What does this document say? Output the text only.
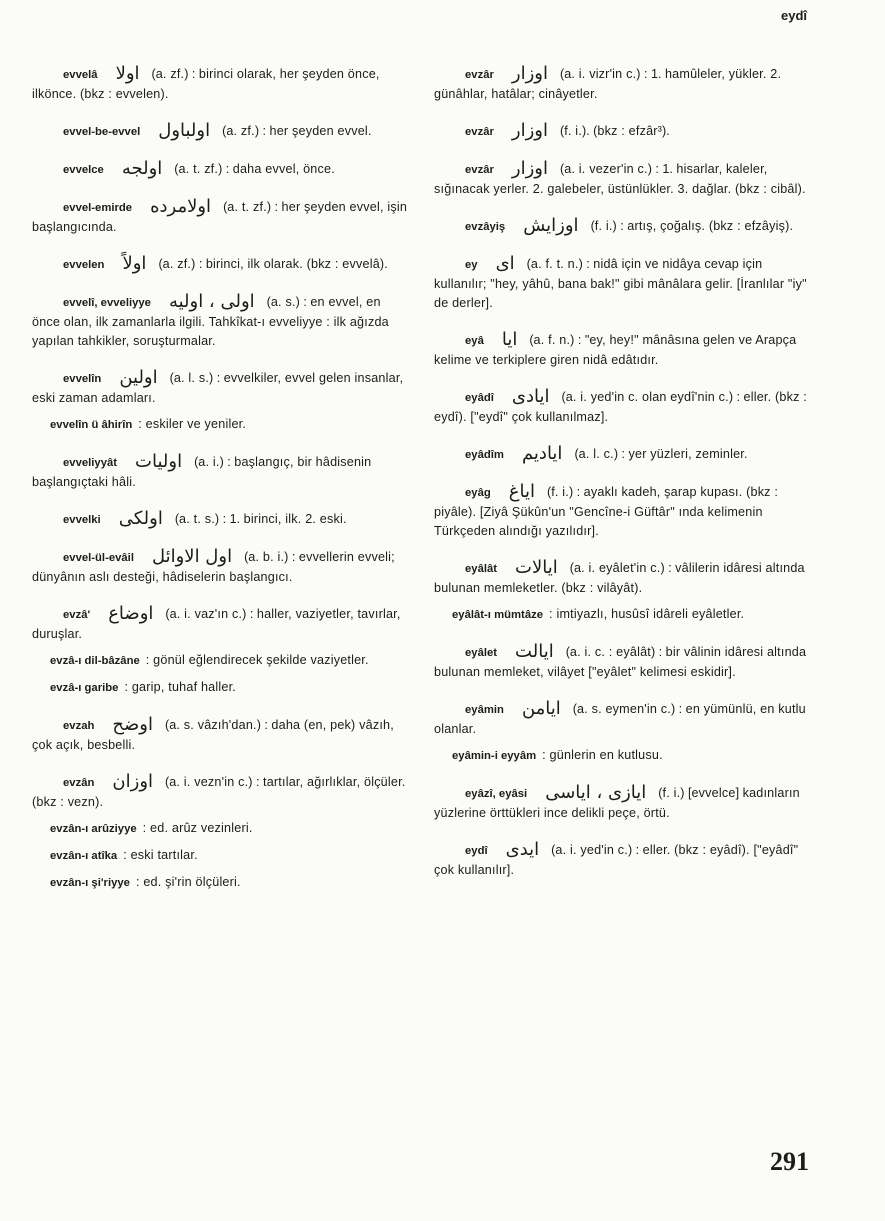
eydî
evvelâ اولا (a. zf.) : birinci olarak, her şeyden önce, ilkönce. (bkz : evvelen).
evvel-be-evvel اولباول (a. zf.) : her şeyden evvel.
evvelce اولجه (a. t. zf.) : daha evvel, önce.
evvel-emirde اولامرده (a. t. zf.) : her şeyden evvel, işin başlangıcında.
evvelen اولاً (a. zf.) : birinci, ilk olarak. (bkz : evvelâ).
evvelî, evveliyye اولى ، اوليه (a. s.) : en evvel, en önce olan, ilk zamanlarla ilgili. Tahkîkat-ı evveliyye : ilk ağızda yapılan tahkikler, soruşturmalar.
evvelîn اولين (a. l. s.) : evvelkiler, evvel gelen insanlar, eski zaman adamları.
evvelîn ü âhirîn : eskiler ve yeniler.
evveliyyât اوليات (a. i.) : başlangıç, bir hâdisenin başlangıçtaki hâli.
evvelki اولكى (a. t. s.) : 1. birinci, ilk. 2. eski.
evvel-ül-evâil اول الاوائل (a. b. i.) : evvellerin evveli; dünyânın aslı desteği, hâdiselerin başlangıcı.
evzâ' اوضاع (a. i. vaz'ın c.) : haller, vaziyetler, tavırlar, duruşlar.
evzâ-ı dil-bâzâne : gönül eğlendirecek şekilde vaziyetler.
evzâ-ı garibe : garip, tuhaf haller.
evzah اوضح (a. s. vâzıh'dan.) : daha (en, pek) vâzıh, çok açık, besbelli.
evzân اوزان (a. i. vezn'in c.) : tartılar, ağırlıklar, ölçüler. (bkz : vezn).
evzân-ı arûziyye : ed. arûz vezinleri.
evzân-ı atîka : eski tartılar.
evzân-ı şi'riyye : ed. şi'rin ölçüleri.
evzâr اوزار (a. i. vizr'in c.) : 1. hamûleler, yükler. 2. günâhlar, hatâlar; cinâyetler.
evzâr اوزار (f. i.). (bkz : efzâr³).
evzâr اوزار (a. i. vezer'in c.) : 1. hisarlar, kaleler, sığınacak yerler. 2. galebeler, üstünlükler. 3. dağlar. (bkz : cibâl).
evzâyiş اوزايش (f. i.) : artış, çoğalış. (bkz : efzâyiş).
ey اى (a. f. t. n.) : nidâ için ve nidâya cevap için kullanılır; "hey, yâhû, bana bak!" gibi mânâlara gelir. [İranlılar "iy" de derler].
eyâ ايا (a. f. n.) : "ey, hey!" mânâsına gelen ve Arapça kelime ve terkiplere giren nidâ edâtıdır.
eyâdî ايادى (a. i. yed'in c. olan eydî'nin c.) : eller. (bkz : eydî). ["eydî" çok kullanılmaz].
eyâdîm اياديم (a. l. c.) : yer yüzleri, zeminler.
eyâg اياغ (f. i.) : ayaklı kadeh, şarap kupası. (bkz : piyâle). [Ziyâ Şükûn'un "Gencîne-i Güftâr" ında kelimenin Türkçeden alındığı yazılıdır].
eyâlât ايالات (a. i. eyâlet'in c.) : vâlilerin idâresi altında bulunan memleketler. (bkz : vilâyât).
eyâlât-ı mümtâze : imtiyazlı, husûsî idâreli eyâletler.
eyâlet ايالت (a. i. c. : eyâlât) : bir vâlinin idâresi altında bulunan memleket, vilâyet ["eyâlet" kelimesi eskidir].
eyâmin ايامن (a. s. eymen'in c.) : en yümünlü, en kutlu olanlar.
eyâmin-i eyyâm : günlerin en kutlusu.
eyâzî, eyâsi ايازى ، اياسى (f. i.) [evvelce] kadınların yüzlerine örttükleri ince delikli peçe, örtü.
eydî ايدى (a. i. yed'in c.) : eller. (bkz : eyâdî). ["eyâdî" çok kullanılır].
291
